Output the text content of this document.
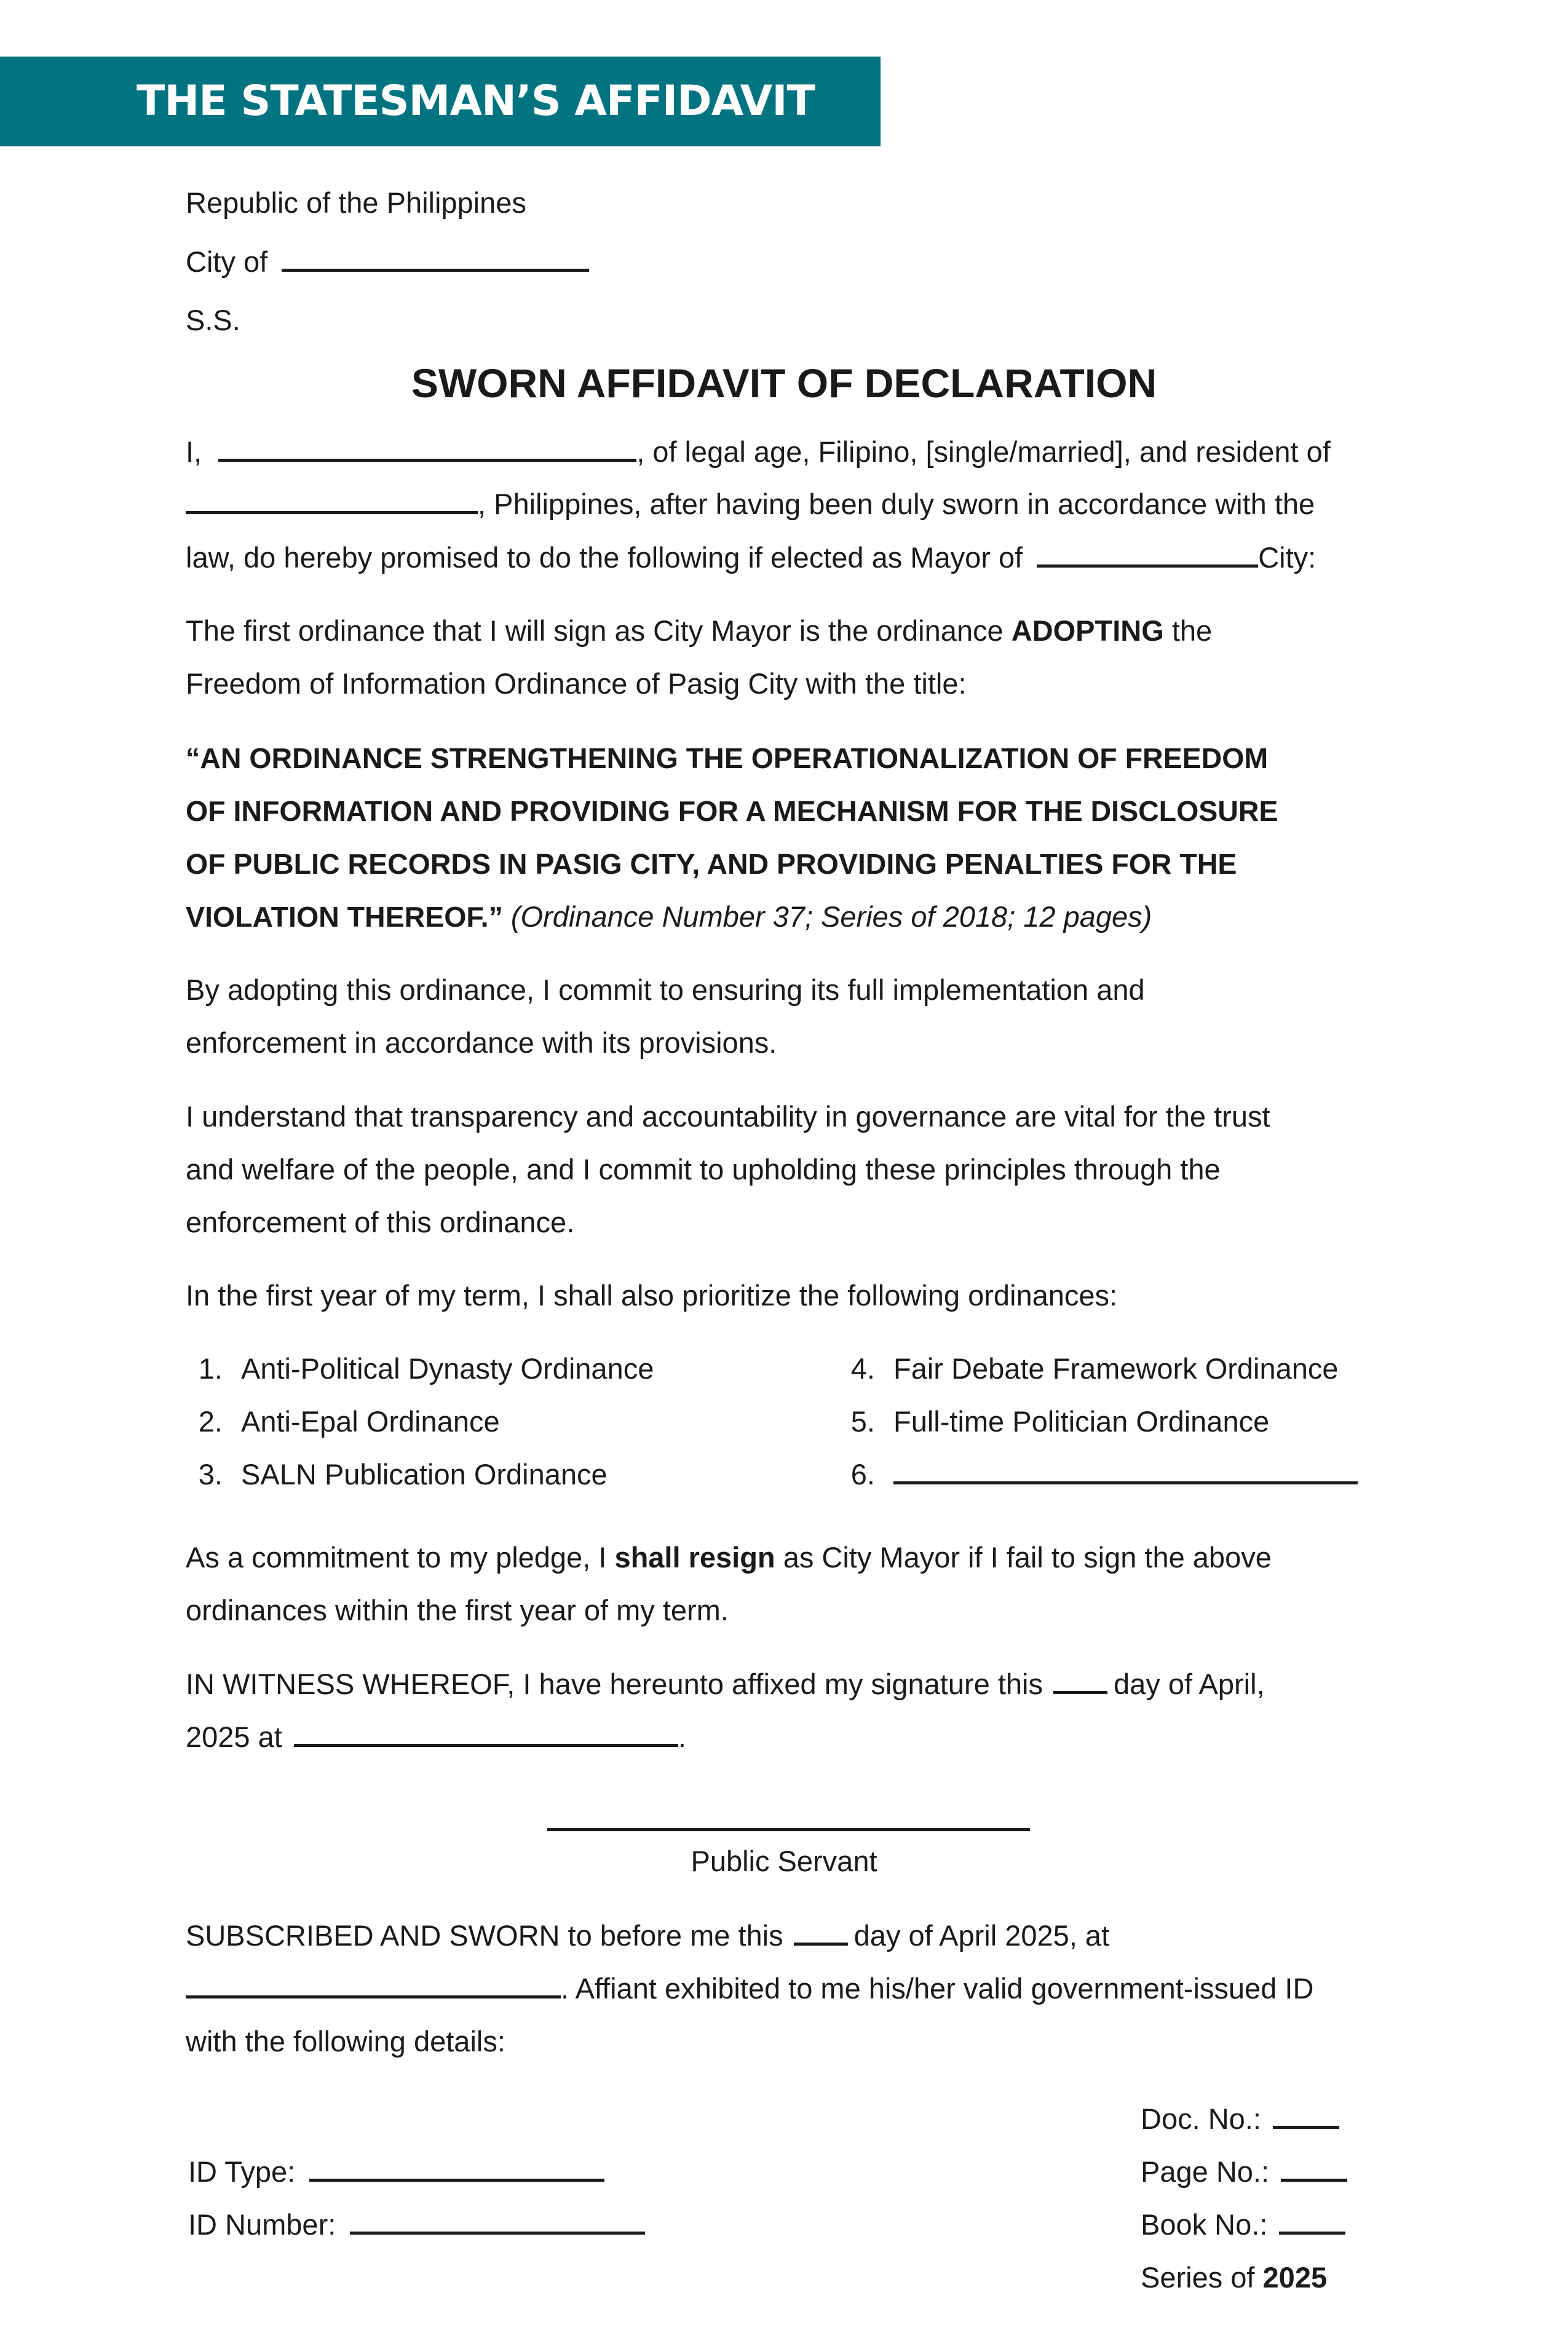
THE STATESMAN’S AFFIDAVIT
Republic of the Philippines
City of
S.S.
SWORN AFFIDAVIT OF DECLARATION
I,	, of legal age, Filipino, [single/married], and resident of
, Philippines, after having been duly sworn in accordance with the
law, do hereby promised to do the following if elected as Mayor of	City:
The first ordinance that I will sign as City Mayor is the ordinance ADOPTING the
Freedom of Information Ordinance of Pasig City with the title:
“AN ORDINANCE STRENGTHENING THE OPERATIONALIZATION OF FREEDOM
OF INFORMATION AND PROVIDING FOR A MECHANISM FOR THE DISCLOSURE
OF PUBLIC RECORDS IN PASIG CITY, AND PROVIDING PENALTIES FOR THE
VIOLATION THEREOF.” (Ordinance Number 37; Series of 2018; 12 pages)
By adopting this ordinance, I commit to ensuring its full implementation and
enforcement in accordance with its provisions.
I understand that transparency and accountability in governance are vital for the trust
and welfare of the people, and I commit to upholding these principles through the
enforcement of this ordinance.
In the first year of my term, I shall also prioritize the following ordinances:
1. Anti-Political Dynasty Ordinance
2. Anti-Epal Ordinance
3. SALN Publication Ordinance
4. Fair Debate Framework Ordinance
5. Full-time Politician Ordinance
6.
As a commitment to my pledge, I shall resign as City Mayor if I fail to sign the above
ordinances within the first year of my term.
IN WITNESS WHEREOF, I have hereunto affixed my signature this day of April,
2025 at	.
Public Servant
SUBSCRIBED AND SWORN to before me this day of April 2025, at
. Affiant exhibited to me his/her valid government-issued ID
with the following details:
ID Type:
ID Number:
Doc. No.:
Page No.:
Book No.:
Series of 2025
